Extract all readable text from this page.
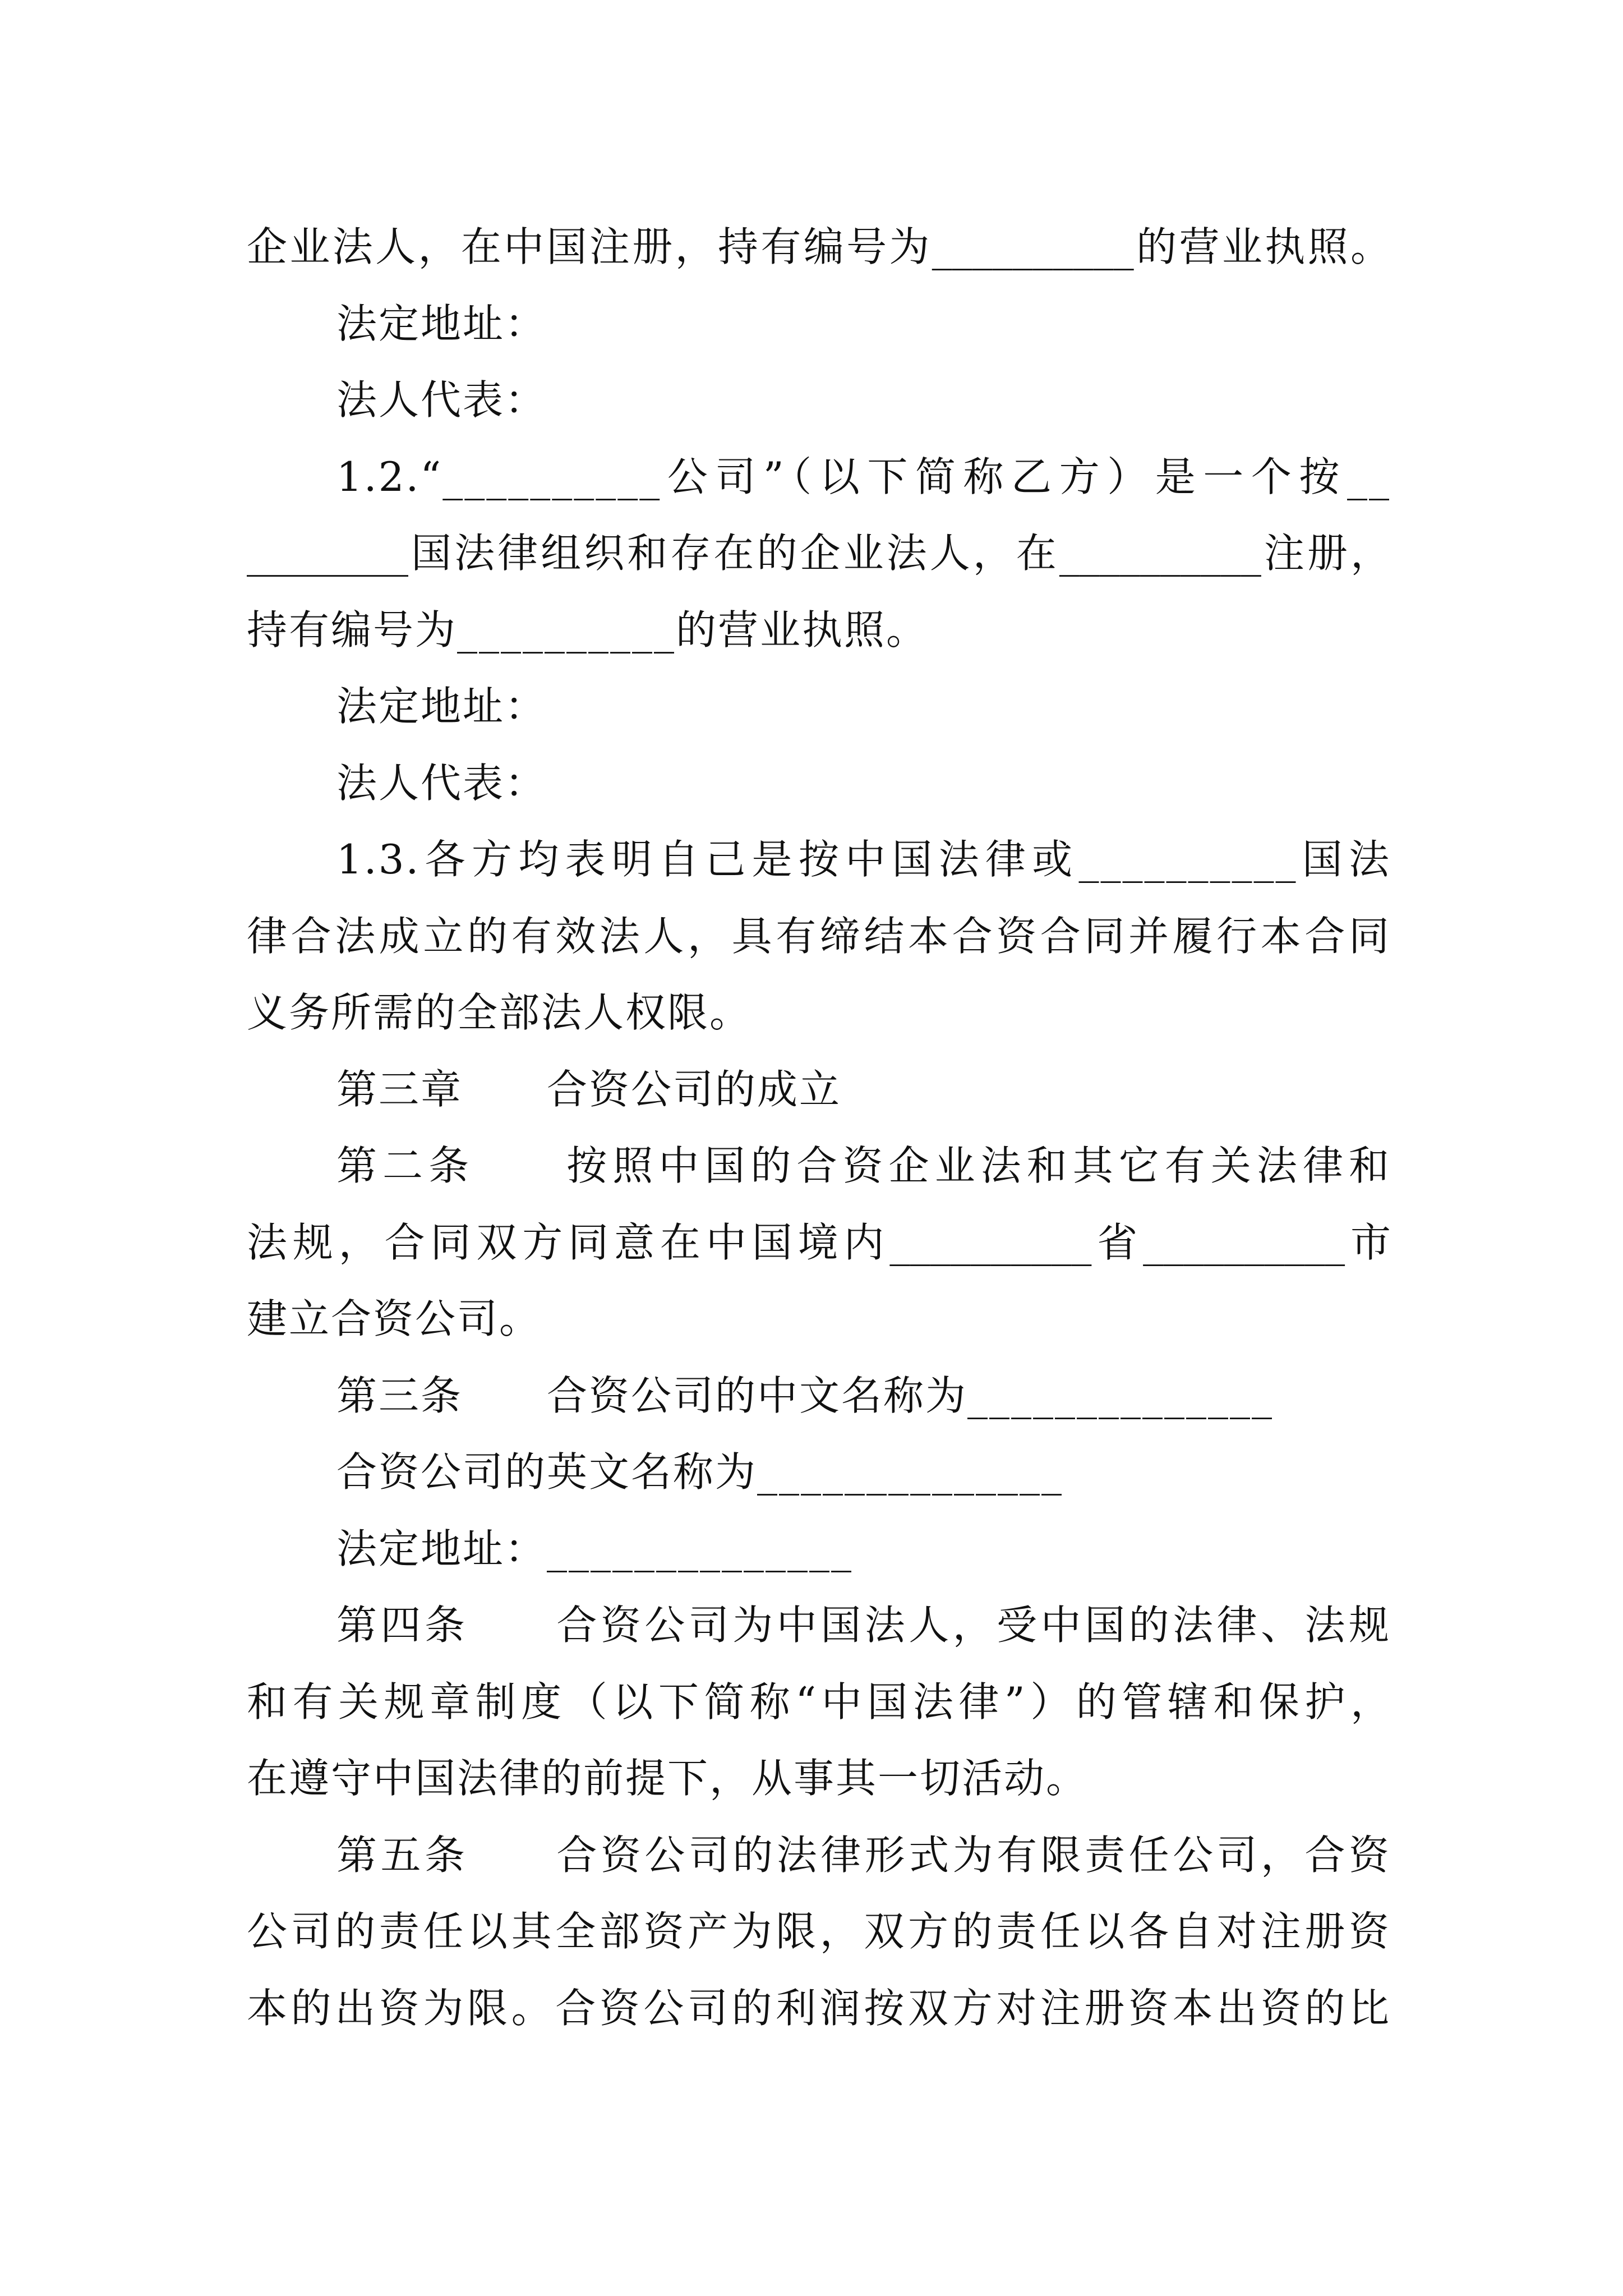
企业法人，在中国注册，持有编号为__________的营业执照。
法定地址：
法人代表：
1.2.“__________公司”（以下简称乙方）是一个按__
________国法律组织和存在的企业法人，在__________注册，
持有编号为__________的营业执照。
法定地址：
法人代表：
1.3.各方均表明自己是按中国法律或__________国法
律合法成立的有效法人，具有缔结本合资合同并履行本合同
义务所需的全部法人权限。
第三章　　合资公司的成立
第二条　　按照中国的合资企业法和其它有关法律和
法规，合同双方同意在中国境内__________省__________市
建立合资公司。
第三条　　合资公司的中文名称为______________
合资公司的英文名称为______________
法定地址：______________
第四条　　合资公司为中国法人，受中国的法律、法规
和有关规章制度（以下简称“中国法律”）的管辖和保护，
在遵守中国法律的前提下，从事其一切活动。
第五条　　合资公司的法律形式为有限责任公司，合资
公司的责任以其全部资产为限，双方的责任以各自对注册资
本的出资为限。合资公司的利润按双方对注册资本出资的比
